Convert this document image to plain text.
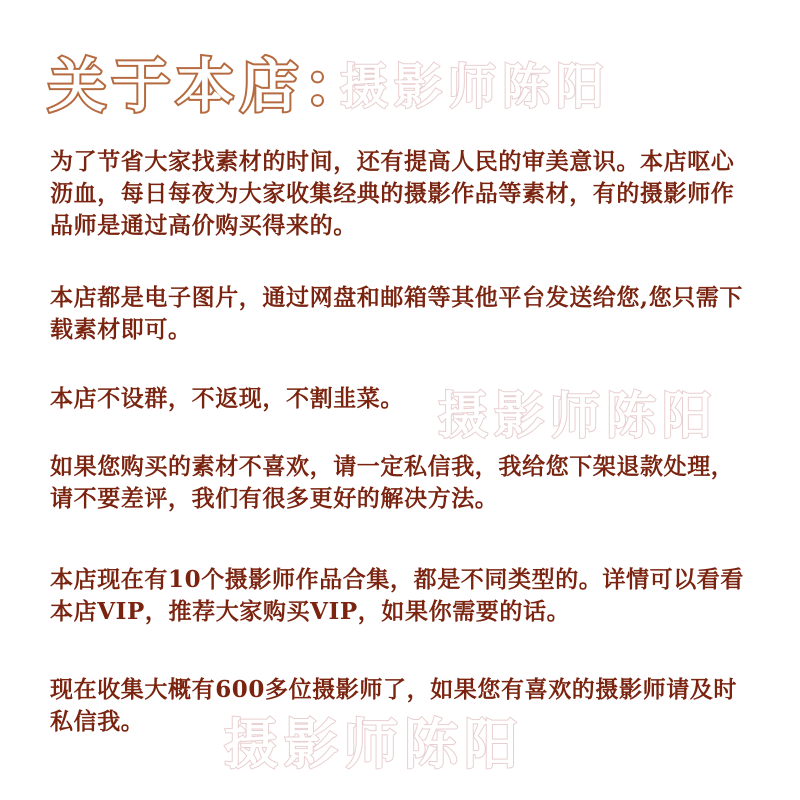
关于本店：
摄影师陈阳
为了节省大家找素材的时间，还有提高人民的审美意识。本店呕心沥血，每日每夜为大家收集经典的摄影作品等素材，有的摄影师作品师是通过高价购买得来的。
本店都是电子图片，通过网盘和邮箱等其他平台发送给您,您只需下载素材即可。
本店不设群，不返现，不割韭菜。 摄影师陈阳
如果您购买的素材不喜欢，请一定私信我，我给您下架退款处理，请不要差评，我们有很多更好的解决方法。
本店现在有10个摄影师作品合集，都是不同类型的。详情可以看看本店VIP，推荐大家购买VIP，如果你需要的话。
现在收集大概有600多位摄影师了，如果您有喜欢的摄影师请及时私信我。	摄影师陈阳
